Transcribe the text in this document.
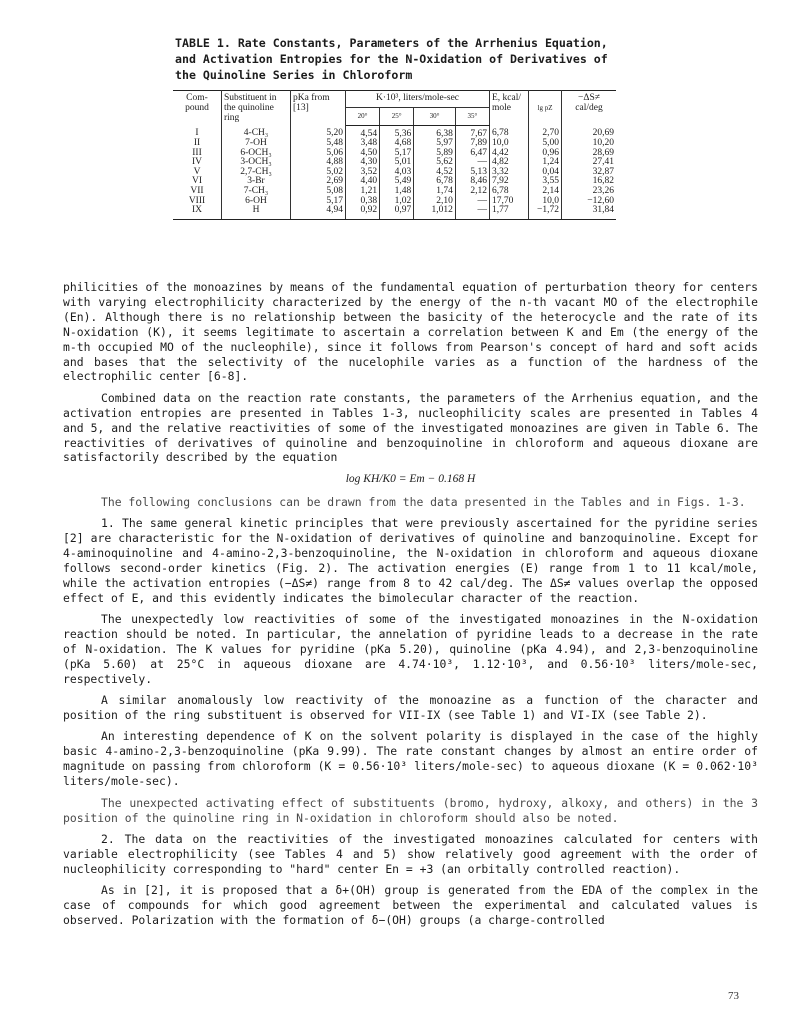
TABLE 1. Rate Constants, Parameters of the Arrhenius Equation,
and Activation Entropies for the N-Oxidation of Derivatives of
the Quinoline Series in Chloroform
Com-pound	Substituent in the quinoline ring	pKa from [13]	K·10³, liters/mole-sec				E, kcal/ mole	lg pZ	−ΔS≠ cal/deg
			20°	25°	30°	35°			
I	4-CH₃	5,20	4,54	5,36	6,38	7,67	6,78	2,70	20,69
II	7-OH	5,48	3,48	4,68	5,97	7,89	10,0	5,00	10,20
III	6-OCH₃	5,06	4,50	5,17	5,89	6,47	4,42	0,96	28,69
IV	3-OCH₃	4,88	4,30	5,01	5,62	—	4,82	1,24	27,41
V	2,7-CH₃	5,02	3,52	4,03	4,52	5,13	3,32	0,04	32,87
VI	3-Br	2,69	4,40	5,49	6,78	8,46	7,92	3,55	16,82
VII	7-CH₃	5,08	1,21	1,48	1,74	2,12	6,78	2,14	23,26
VIII	6-OH	5,17	0,38	1,02	2,10	—	17,70	10,0	−12,60
IX	H	4,94	0,92	0,97	1,012	—	1,77	−1,72	31,84

philicities of the monoazines by means of the fundamental equation of perturbation theory for centers with varying electrophilicity characterized by the energy of the n-th vacant MO of the electrophile (En). Although there is no relationship between the basicity of the heterocycle and the rate of its N-oxidation (K), it seems legitimate to ascertain a correlation between K and Em (the energy of the m-th occupied MO of the nucleophile), since it follows from Pearson's concept of hard and soft acids and bases that the selectivity of the nucelophile varies as a function of the hardness of the electrophilic center [6-8].

Combined data on the reaction rate constants, the parameters of the Arrhenius equation, and the activation entropies are presented in Tables 1-3, nucleophilicity scales are presented in Tables 4 and 5, and the relative reactivities of some of the investigated monoazines are given in Table 6. The reactivities of derivatives of quinoline and benzoquinoline in chloroform and aqueous dioxane are satisfactorily described by the equation

log KH/K0 = Em − 0.168 H

The following conclusions can be drawn from the data presented in the Tables and in Figs. 1-3.

1. The same general kinetic principles that were previously ascertained for the pyridine series [2] are characteristic for the N-oxidation of derivatives of quinoline and banzoquinoline. Except for 4-aminoquinoline and 4-amino-2,3-benzoquinoline, the N-oxidation in chloroform and aqueous dioxane follows second-order kinetics (Fig. 2). The activation energies (E) range from 1 to 11 kcal/mole, while the activation entropies (−ΔS≠) range from 8 to 42 cal/deg. The ΔS≠ values overlap the opposed effect of E, and this evidently indicates the bimolecular character of the reaction.

The unexpectedly low reactivities of some of the investigated monoazines in the N-oxidation reaction should be noted. In particular, the annelation of pyridine leads to a decrease in the rate of N-oxidation. The K values for pyridine (pKa 5.20), quinoline (pKa 4.94), and 2,3-benzoquinoline (pKa 5.60) at 25°C in aqueous dioxane are 4.74·10³, 1.12·10³, and 0.56·10³ liters/mole-sec, respectively.

A similar anomalously low reactivity of the monoazine as a function of the character and position of the ring substituent is observed for VII-IX (see Table 1) and VI-IX (see Table 2).

An interesting dependence of K on the solvent polarity is displayed in the case of the highly basic 4-amino-2,3-benzoquinoline (pKa 9.99). The rate constant changes by almost an entire order of magnitude on passing from chloroform (K = 0.56·10³ liters/mole-sec) to aqueous dioxane (K = 0.062·10³ liters/mole-sec).

The unexpected activating effect of substituents (bromo, hydroxy, alkoxy, and others) in the 3 position of the quinoline ring in N-oxidation in chloroform should also be noted.

2. The data on the reactivities of the investigated monoazines calculated for centers with variable electrophilicity (see Tables 4 and 5) show relatively good agreement with the order of nucleophilicity corresponding to "hard" center En = +3 (an orbitally controlled reaction).

As in [2], it is proposed that a δ+(OH) group is generated from the EDA of the complex in the case of compounds for which good agreement between the experimental and calculated values is observed. Polarization with the formation of δ−(OH) groups (a charge-controlled

73
